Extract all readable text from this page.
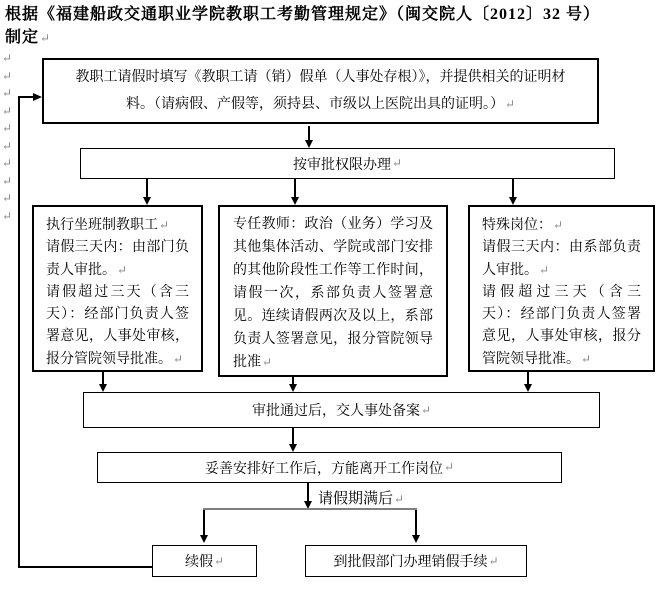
根据《福建船政交通职业学院教职工考勤管理规定》（闽交院人〔2012〕32 号）
制定↵
↵
↵
↵
↵
↵
↵
↵
↵
↵
↵
教职工请假时填写《教职工请（销）假单（人事处存根）》，并提供相关的证明材料。（请病假、产假等，须持县、市级以上医院出具的证明。）↵
按审批权限办理 ↵
执行坐班制教职工↵
请假三天内：由部门负责人审批。↵
请假超过三天（含三天）：经部门负责人签署意见，人事处审核，报分管院领导批准。↵
专任教师：政治（业务）学习及其他集体活动、学院或部门安排的其他阶段性工作等工作时间，请假一次，系部负责人签署意见。连续请假两次及以上，系部负责人签署意见，报分管院领导批准↵
特殊岗位：↵
请假三天内：由系部负责人审批。↵
请假超过三天（含三天）：经部门负责人签署意见，人事处审核，报分管院领导批准。↵
审批通过后，交人事处备案 ↵
妥善安排好工作后，方能离开工作岗位 ↵
请假期满后↵
续假 ↵	到批假部门办理销假手续 ↵
